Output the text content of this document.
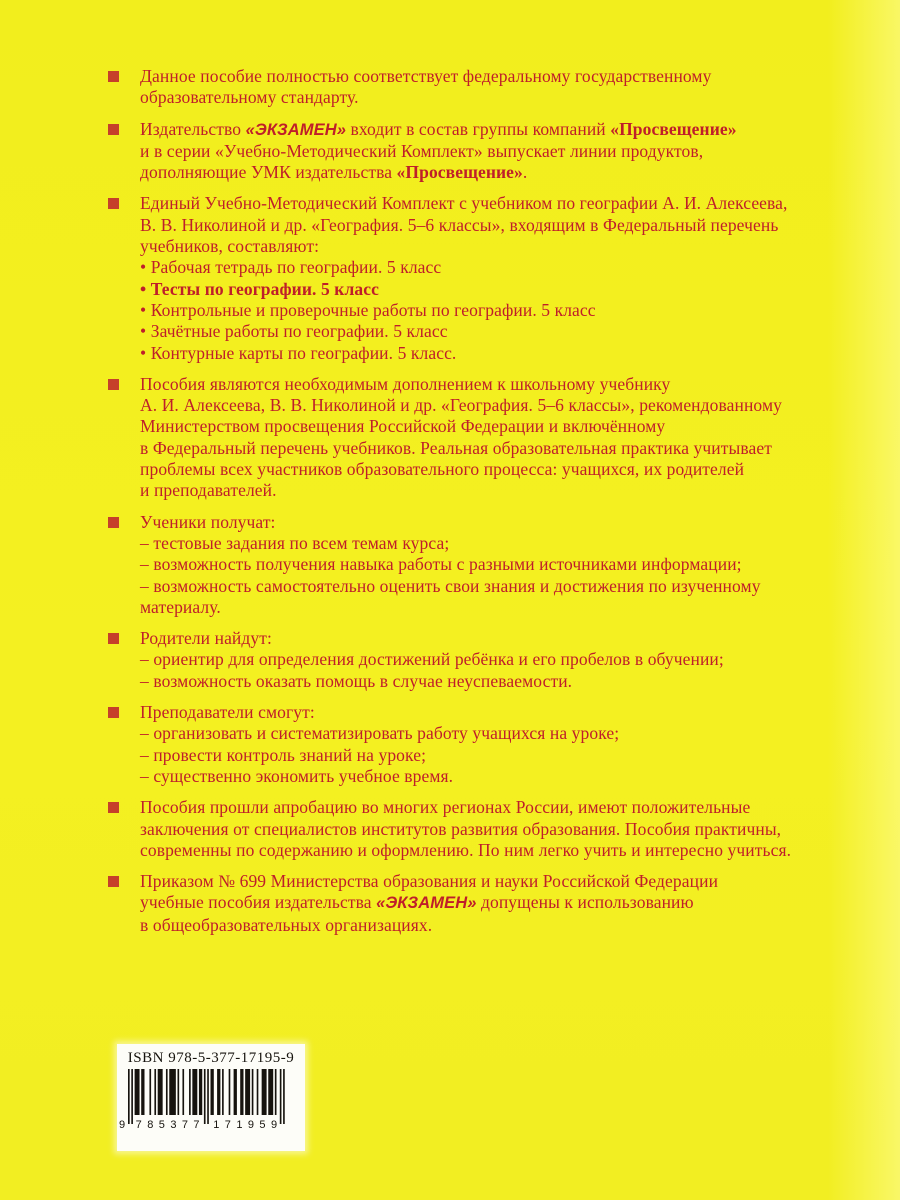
Данное пособие полностью соответствует федеральному государственному
образовательному стандарту.
Издательство «ЭКЗАМЕН» входит в состав группы компаний «Просвещение»
и в серии «Учебно-Методический Комплект» выпускает линии продуктов,
дополняющие УМК издательства «Просвещение».
Единый Учебно-Методический Комплект с учебником по географии А. И. Алексеева,
В. В. Николиной и др. «География. 5–6 классы», входящим в Федеральный перечень
учебников, составляют:
• Рабочая тетрадь по географии. 5 класс
• Тесты по географии. 5 класс
• Контрольные и проверочные работы по географии. 5 класс
• Зачётные работы по географии. 5 класс
• Контурные карты по географии. 5 класс.
Пособия являются необходимым дополнением к школьному учебнику
А. И. Алексеева, В. В. Николиной и др. «География. 5–6 классы», рекомендованному
Министерством просвещения Российской Федерации и включённому
в Федеральный перечень учебников. Реальная образовательная практика учитывает
проблемы всех участников образовательного процесса: учащихся, их родителей
и преподавателей.
Ученики получат:
– тестовые задания по всем темам курса;
– возможность получения навыка работы с разными источниками информации;
– возможность самостоятельно оценить свои знания и достижения по изученному
материалу.
Родители найдут:
– ориентир для определения достижений ребёнка и его пробелов в обучении;
– возможность оказать помощь в случае неуспеваемости.
Преподаватели смогут:
– организовать и систематизировать работу учащихся на уроке;
– провести контроль знаний на уроке;
– существенно экономить учебное время.
Пособия прошли апробацию во многих регионах России, имеют положительные
заключения от специалистов институтов развития образования. Пособия практичны,
современны по содержанию и оформлению. По ним легко учить и интересно учиться.
Приказом № 699 Министерства образования и науки Российской Федерации
учебные пособия издательства «ЭКЗАМЕН» допущены к использованию
в общеобразовательных организациях.
ISBN 978-5-377-17195-9
9 7 8 5 3 7 7 1 7 1 9 5 9
